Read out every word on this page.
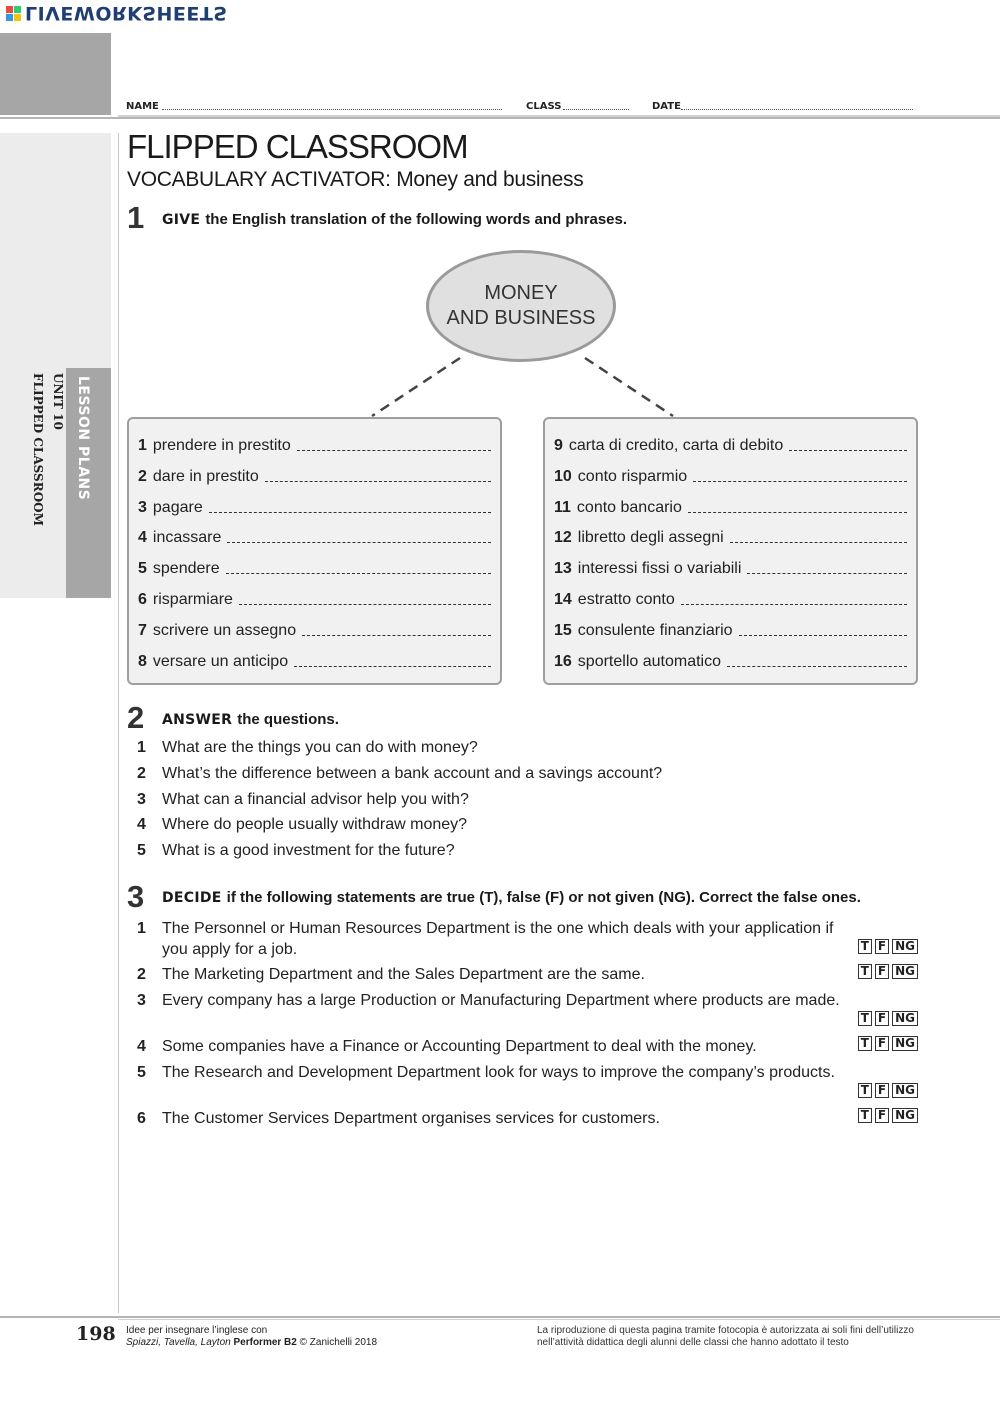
LIVEWORKSHEETS
NAME	CLASS	DATE
LESSON PLANS
UNIT 10
FLIPPED CLASSROOM
FLIPPED CLASSROOM
VOCABULARY ACTIVATOR: Money and business
1 GIVE the English translation of the following words and phrases.
MONEY
AND BUSINESS
1 prendere in prestito
2 dare in prestito
3 pagare
4 incassare
5 spendere
6 risparmiare
7 scrivere un assegno
8 versare un anticipo
9 carta di credito, carta di debito
10 conto risparmio
11 conto bancario
12 libretto degli assegni
13 interessi fissi o variabili
14 estratto conto
15 consulente finanziario
16 sportello automatico
2 ANSWER the questions.
1 What are the things you can do with money?
2 What’s the difference between a bank account and a savings account?
3 What can a financial advisor help you with?
4 Where do people usually withdraw money?
5 What is a good investment for the future?
3 DECIDE if the following statements are true (T), false (F) or not given (NG). Correct the false ones.
1 The Personnel or Human Resources Department is the one which deals with your application if you apply for a job.	T F NG
2 The Marketing Department and the Sales Department are the same.	T F NG
3 Every company has a large Production or Manufacturing Department where products are made.
T F NG
4 Some companies have a Finance or Accounting Department to deal with the money.	T F NG
5 The Research and Development Department look for ways to improve the company’s products.
T F NG
6 The Customer Services Department organises services for customers.	T F NG
198 Idee per insegnare l’inglese con
Spiazzi, Tavella, Layton Performer B2 © Zanichelli 2018
La riproduzione di questa pagina tramite fotocopia è autorizzata ai soli fini dell’utilizzo
nell’attività didattica degli alunni delle classi che hanno adottato il testo
